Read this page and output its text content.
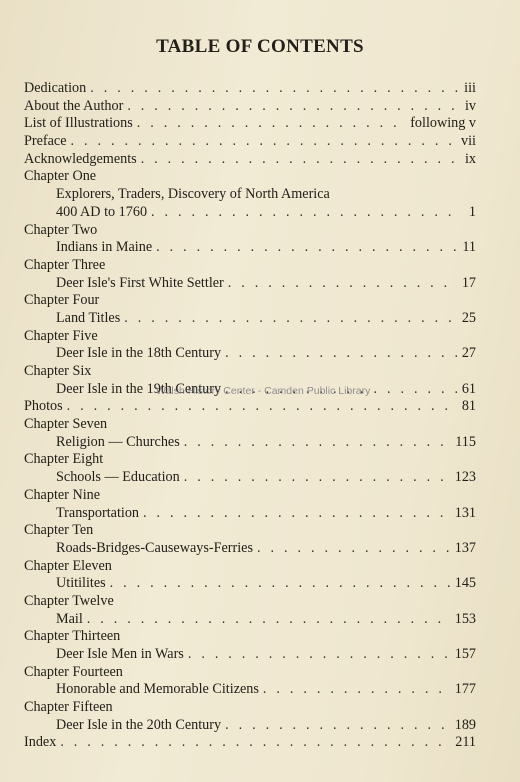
TABLE OF CONTENTS
Dedication . . .	iii
About the Author . . .	iv
List of Illustrations . . .	following v
Preface . . .	vii
Acknowledgements . . .	ix
Chapter One
Explorers, Traders, Discovery of North America
400 AD to 1760 . . .	1
Chapter Two
Indians in Maine . . .	11
Chapter Three
Deer Isle's First White Settler . . .	17
Chapter Four
Land Titles . . .	25
Chapter Five
Deer Isle in the 18th Century . . .	27
Chapter Six
Deer Isle in the 19th Century . . .	61
Photos . . .	81
Chapter Seven
Religion — Churches . . .	115
Chapter Eight
Schools — Education . . .	123
Chapter Nine
Transportation . . .	131
Chapter Ten
Roads-Bridges-Causeways-Ferries . . .	137
Chapter Eleven
Utitilites . . .	145
Chapter Twelve
Mail . . .	153
Chapter Thirteen
Deer Isle Men in Wars . . .	157
Chapter Fourteen
Honorable and Memorable Citizens . . .	177
Chapter Fifteen
Deer Isle in the 20th Century . . .	189
Index . . .	211
Walsh History Center - Camden Public Library
